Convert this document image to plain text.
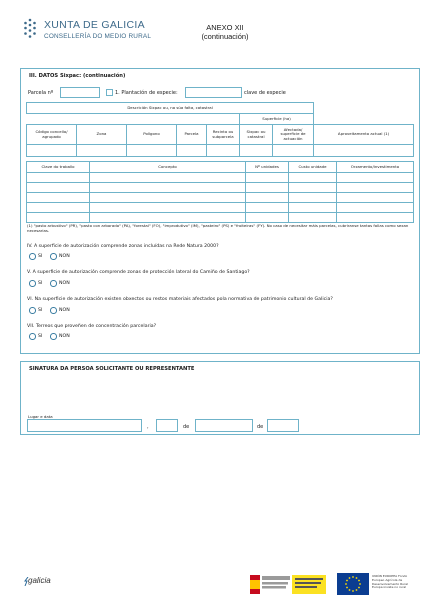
XUNTA DE GALICIA
CONSELLERÍA DO MEDIO RURAL
ANEXO XII
(continuación)
III. DATOS Sixpac: (continuación)
Parcela nº	1. Plantación de especie:	clave de especie
Descrición Sixpac ou, na súa falta, catastral							
					Superficie (ha)		
Código concello/ agrupado	Zona	Polígono	Parcela	Recinto ou subparcela	Sixpac ou catastral	Afectada/ superficie de actuación	Aproveitamento actual (1)

Clave do traballo	Concepto	Nº unidades	Custo unidade	Orzamento/investimento

(1) "pasto arbustivo" (PR), "pasto con arborado" (PA), "forestal" (FO), "improdutivo" (IM), "pasteiro" (PS) e "froiteiras" (FY). No caso de necesitar máis parcelas, cubriranse tantas follas como sexan necesarias.
IV. A superficie de autorización comprende zonas incluídas na Rede Natura 2000?
SI	NON
V. A superficie de autorización comprende zonas de protección lateral do Camiño de Santiago?
SI	NON
VI. Na superficie de autorización existen obxectos ou restos materiais afectados pola normativa de patrimonio cultural de Galicia?
SI	NON
VII. Terreos que proveñen de concentración parcelaria?
SI	NON
SINATURA DA PERSOA SOLICITANTE OU REPRESENTANTE
Lugar e data
,	de	de
galicia	UNIÓN EUROPEA Fondo Europeo Agrícola de Desenvolvemento Rural Europa inviste no rural
